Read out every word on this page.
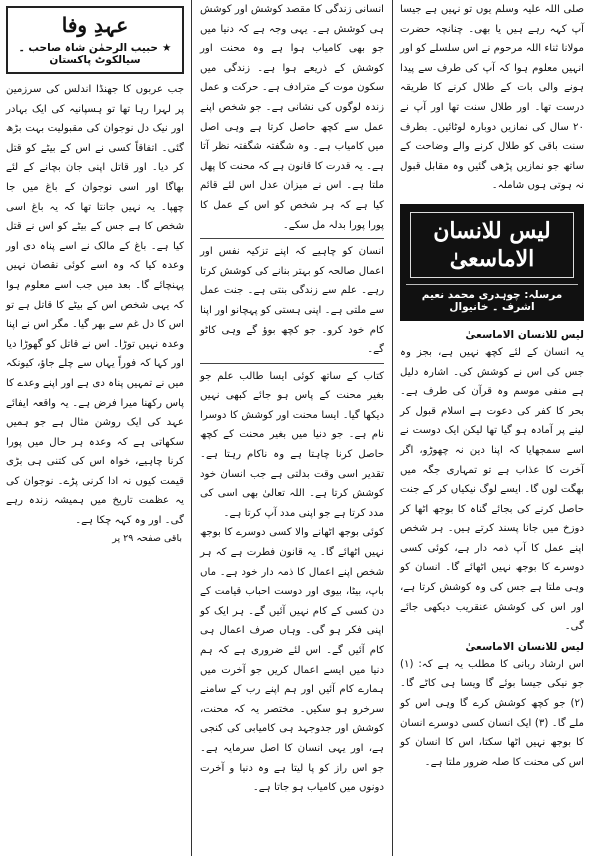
صلی اللہ علیہ وسلم یوں تو نہیں ہے جیسا آپ کہہ رہے ہیں یا بھی۔ چنانچہ حضرت مولانا ثناء اللہ مرحوم نے اس سلسلے کو اور انہیں معلوم ہوا کہ آپ کی طرف سے پیدا ہونے والی بات کے طلال کرنے کا طریقہ درست تھا۔ اور طلال سنت تھا اور آپ نے ۲۰ سال کی نمازیں دوبارہ لوٹائیں۔ بطرف سنت باقی کو طلال کرنے والے وضاحت کے ساتھ جو نمازیں پڑھی گئیں وہ مقابل قبول نہ ہوتی ہوں شاملہ۔

لیس للانسان الاماسعیٰ
مرسلہ: چوہدری محمد نعیم اشرف ۔ خانیوال
لیس للانسان الاماسعیٰ

یہ انسان کے لئے کچھ نہیں ہے، بجز وہ جس کی اس نے کوشش کی۔ اشارہ دلیل ہے منفی موسم وہ قرآن کی طرف ہے۔ بحر کا کفر کی دعوت ہے اسلام قبول کر لینے پر آمادہ ہو گیا تھا لیکن ایک دوست نے اسے سمجھایا کہ اپنا دین نہ چھوڑو، اگر آخرت کا عذاب ہے تو تمہاری جگہ میں بھگت لوں گا۔ ایسے لوگ نیکیاں کر کے جنت حاصل کرنے کی بجائے گناہ کا بوجھ اٹھا کر دوزخ میں جانا پسند کرتے ہیں۔ ہر شخص اپنے عمل کا آپ ذمہ دار ہے، کوئی کسی دوسرے کا بوجھ نہیں اٹھائے گا۔ انسان کو وہی ملتا ہے جس کی وہ کوشش کرتا ہے، اور اس کی کوشش عنقریب دیکھی جائے گی۔

لیس للانسان الاماسعیٰ

اس ارشاد ربانی کا مطلب یہ ہے کہ: (۱) جو نیکی جیسا بوئے گا ویسا ہی کاٹے گا۔ (۲) جو کچھ کوشش کرے گا وہی اس کو ملے گا۔ (۳) ایک انسان کسی دوسرے انسان کا بوجھ نہیں اٹھا سکتا، اس کا انسان کو اس کی محنت کا صلہ ضرور ملتا ہے۔

انسانی زندگی کا مقصد کوشش اور کوشش ہی کوشش ہے۔ یہی وجہ ہے کہ دنیا میں جو بھی کامیاب ہوا ہے وہ محنت اور کوشش کے ذریعے ہوا ہے۔ زندگی میں سکون موت کے مترادف ہے۔ حرکت و عمل زندہ لوگوں کی نشانی ہے۔ جو شخص اپنے عمل سے کچھ حاصل کرتا ہے وہی اصل میں کامیاب ہے۔ وہ شگفتہ شگفتہ نظر آتا ہے۔ یہ قدرت کا قانون ہے کہ محنت کا پھل ملتا ہے۔ اس نے میزان عدل اس لئے قائم کیا ہے کہ ہر شخص کو اس کے عمل کا پورا پورا بدلہ مل سکے۔

انسان کو چاہیے کہ اپنے تزکیہ نفس اور اعمال صالحہ کو بہتر بنانے کی کوشش کرتا رہے۔ علم سے زندگی بنتی ہے۔ جنت عمل سے ملتی ہے۔ اپنی ہستی کو پہچانو اور اپنا کام خود کرو۔ جو کچھ بوؤ گے وہی کاٹو گے۔

کتاب کے ساتھ کوئی ایسا طالب علم جو بغیر محنت کے پاس ہو جائے کبھی نہیں دیکھا گیا۔ ایسا محنت اور کوشش کا دوسرا نام ہے۔ جو دنیا میں بغیر محنت کے کچھ حاصل کرنا چاہتا ہے وہ ناکام رہتا ہے۔ تقدیر اسی وقت بدلتی ہے جب انسان خود کوشش کرتا ہے۔ اللہ تعالیٰ بھی اسی کی مدد کرتا ہے جو اپنی مدد آپ کرتا ہے۔

کوئی بوجھ اٹھانے والا کسی دوسرے کا بوجھ نہیں اٹھائے گا۔ یہ قانون فطرت ہے کہ ہر شخص اپنے اعمال کا ذمہ دار خود ہے۔ ماں باپ، بیٹا، بیوی اور دوست احباب قیامت کے دن کسی کے کام نہیں آئیں گے۔ ہر ایک کو اپنی فکر ہو گی۔ وہاں صرف اعمال ہی کام آئیں گے۔ اس لئے ضروری ہے کہ ہم دنیا میں ایسے اعمال کریں جو آخرت میں ہمارے کام آئیں اور ہم اپنے رب کے سامنے سرخرو ہو سکیں۔ مختصر یہ کہ محنت، کوشش اور جدوجہد ہی کامیابی کی کنجی ہے، اور یہی انسان کا اصل سرمایہ ہے۔ جو اس راز کو پا لیتا ہے وہ دنیا و آخرت دونوں میں کامیاب ہو جاتا ہے۔

عہدِ وفا
★حبیب الرحمٰن شاہ صاحب ۔ سیالکوٹ پاکستان

جب عربوں کا جھنڈا اندلس کی سرزمین پر لہرا رہا تھا تو ہسپانیہ کی ایک بہادر اور نیک دل نوجوان کی مقبولیت بہت بڑھ گئی۔ اتفاقاً کسی نے اس کے بیٹے کو قتل کر دیا۔ اور قاتل اپنی جان بچانے کے لئے بھاگا اور اسی نوجوان کے باغ میں جا چھپا۔ یہ نہیں جانتا تھا کہ یہ باغ اسی شخص کا ہے جس کے بیٹے کو اس نے قتل کیا ہے۔ باغ کے مالک نے اسے پناہ دی اور وعدہ کیا کہ وہ اسے کوئی نقصان نہیں پہنچائے گا۔ بعد میں جب اسے معلوم ہوا کہ یہی شخص اس کے بیٹے کا قاتل ہے تو اس کا دل غم سے بھر گیا۔ مگر اس نے اپنا وعدہ نہیں توڑا۔ اس نے قاتل کو گھوڑا دیا اور کہا کہ فوراً یہاں سے چلے جاؤ، کیونکہ میں نے تمہیں پناہ دی ہے اور اپنے وعدے کا پاس رکھنا میرا فرض ہے۔ یہ واقعہ ایفائے عہد کی ایک روشن مثال ہے جو ہمیں سکھاتی ہے کہ وعدہ ہر حال میں پورا کرنا چاہیے، خواہ اس کی کتنی ہی بڑی قیمت کیوں نہ ادا کرنی پڑے۔ نوجوان کی یہ عظمت تاریخ میں ہمیشہ زندہ رہے گی۔ اور وہ کہہ چکا ہے۔

باقی صفحہ ۲۹ پر
